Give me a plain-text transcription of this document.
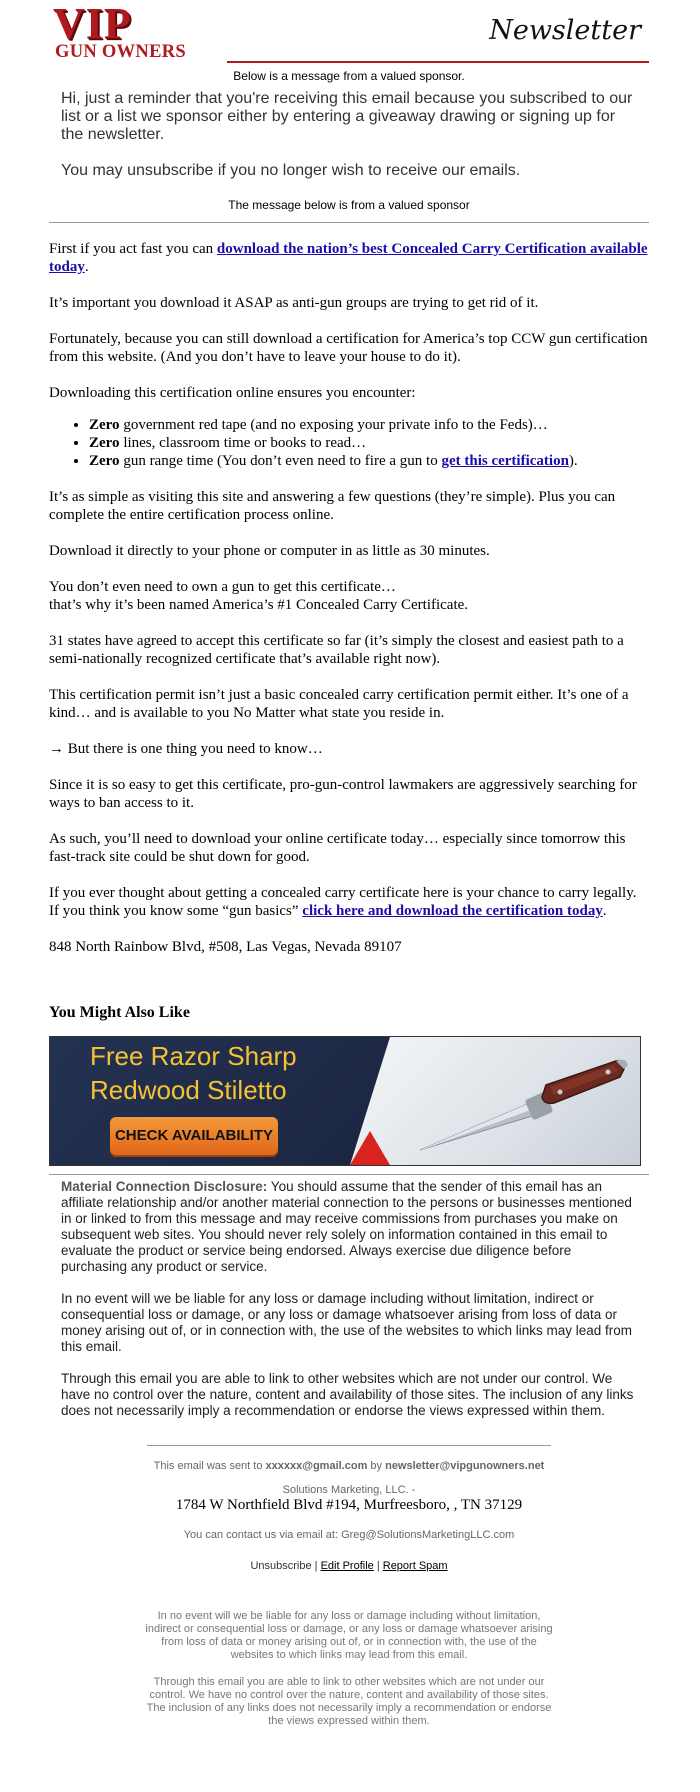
VIP
GUN OWNERS
Newsletter
Below is a message from a valued sponsor.

Hi, just a reminder that you're receiving this email because you subscribed to our list or a list we sponsor either by entering a giveaway drawing or signing up for the newsletter.

You may unsubscribe if you no longer wish to receive our emails.

The message below is from a valued sponsor

First if you act fast you can download the nation’s best Concealed Carry Certification available today.

It’s important you download it ASAP as anti-gun groups are trying to get rid of it.

Fortunately, because you can still download a certification for America’s top CCW gun certification from this website. (And you don’t have to leave your house to do it).

Downloading this certification online ensures you encounter:

• Zero government red tape (and no exposing your private info to the Feds)…
• Zero lines, classroom time or books to read…
• Zero gun range time (You don’t even need to fire a gun to get this certification).

It’s as simple as visiting this site and answering a few questions (they’re simple). Plus you can complete the entire certification process online.

Download it directly to your phone or computer in as little as 30 minutes.

You don’t even need to own a gun to get this certificate…
that’s why it’s been named America’s #1 Concealed Carry Certificate.

31 states have agreed to accept this certificate so far (it’s simply the closest and easiest path to a semi-nationally recognized certificate that’s available right now).

This certification permit isn’t just a basic concealed carry certification permit either. It’s one of a kind… and is available to you No Matter what state you reside in.

→ But there is one thing you need to know…

Since it is so easy to get this certificate, pro-gun-control lawmakers are aggressively searching for ways to ban access to it.

As such, you’ll need to download your online certificate today… especially since tomorrow this fast-track site could be shut down for good.

If you ever thought about getting a concealed carry certificate here is your chance to carry legally. If you think you know some “gun basics” click here and download the certification today.

848 North Rainbow Blvd, #508, Las Vegas, Nevada 89107

You Might Also Like
Free Razor Sharp
Redwood Stiletto
CHECK AVAILABILITY

Material Connection Disclosure: You should assume that the sender of this email has an affiliate relationship and/or another material connection to the persons or businesses mentioned in or linked to from this message and may receive commissions from purchases you make on subsequent web sites. You should never rely solely on information contained in this email to evaluate the product or service being endorsed. Always exercise due diligence before purchasing any product or service.

In no event will we be liable for any loss or damage including without limitation, indirect or consequential loss or damage, or any loss or damage whatsoever arising from loss of data or money arising out of, or in connection with, the use of the websites to which links may lead from this email.

Through this email you are able to link to other websites which are not under our control. We have no control over the nature, content and availability of those sites. The inclusion of any links does not necessarily imply a recommendation or endorse the views expressed within them.

This email was sent to xxxxxx@gmail.com by newsletter@vipgunowners.net
Solutions Marketing, LLC. -
1784 W Northfield Blvd #194, Murfreesboro, , TN 37129
You can contact us via email at: Greg@SolutionsMarketingLLC.com
Unsubscribe | Edit Profile | Report Spam
In no event will we be liable for any loss or damage including without limitation, indirect or consequential loss or damage, or any loss or damage whatsoever arising from loss of data or money arising out of, or in connection with, the use of the websites to which links may lead from this email.
Through this email you are able to link to other websites which are not under our control. We have no control over the nature, content and availability of those sites. The inclusion of any links does not necessarily imply a recommendation or endorse the views expressed within them.
